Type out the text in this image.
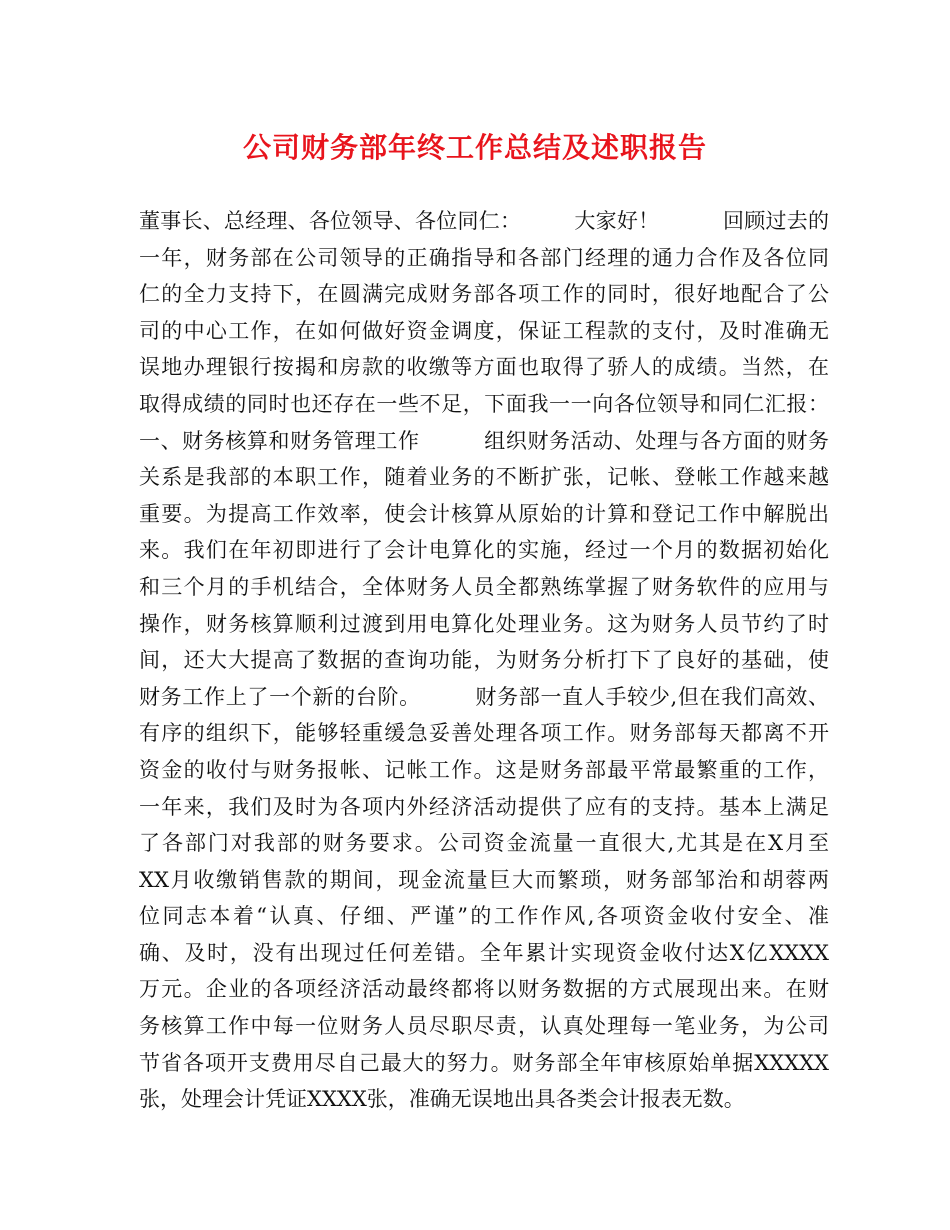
公司财务部年终工作总结及述职报告
董事长、总经理、各位领导、各位同仁：　　　大家好！　　　回顾过去的
一年，财务部在公司领导的正确指导和各部门经理的通力合作及各位同
仁的全力支持下，在圆满完成财务部各项工作的同时，很好地配合了公
司的中心工作，在如何做好资金调度，保证工程款的支付，及时准确无
误地办理银行按揭和房款的收缴等方面也取得了骄人的成绩。当然，在
取得成绩的同时也还存在一些不足，下面我一一向各位领导和同仁汇报：
一、财务核算和财务管理工作　　　组织财务活动、处理与各方面的财务
关系是我部的本职工作，随着业务的不断扩张，记帐、登帐工作越来越
重要。为提高工作效率，使会计核算从原始的计算和登记工作中解脱出
来。我们在年初即进行了会计电算化的实施，经过一个月的数据初始化
和三个月的手机结合，全体财务人员全都熟练掌握了财务软件的应用与
操作，财务核算顺利过渡到用电算化处理业务。这为财务人员节约了时
间，还大大提高了数据的查询功能，为财务分析打下了良好的基础，使
财务工作上了一个新的台阶。　　　财务部一直人手较少,但在我们高效、
有序的组织下，能够轻重缓急妥善处理各项工作。财务部每天都离不开
资金的收付与财务报帐、记帐工作。这是财务部最平常最繁重的工作，
一年来，我们及时为各项内外经济活动提供了应有的支持。基本上满足
了各部门对我部的财务要求。公司资金流量一直很大,尤其是在X月至
XX月收缴销售款的期间，现金流量巨大而繁琐，财务部邹治和胡蓉两
位同志本着“认真、仔细、严谨”的工作作风,各项资金收付安全、准
确、及时，没有出现过任何差错。全年累计实现资金收付达X亿XXXX
万元。企业的各项经济活动最终都将以财务数据的方式展现出来。在财
务核算工作中每一位财务人员尽职尽责，认真处理每一笔业务，为公司
节省各项开支费用尽自己最大的努力。财务部全年审核原始单据XXXXX
张，处理会计凭证XXXX张，准确无误地出具各类会计报表无数。
